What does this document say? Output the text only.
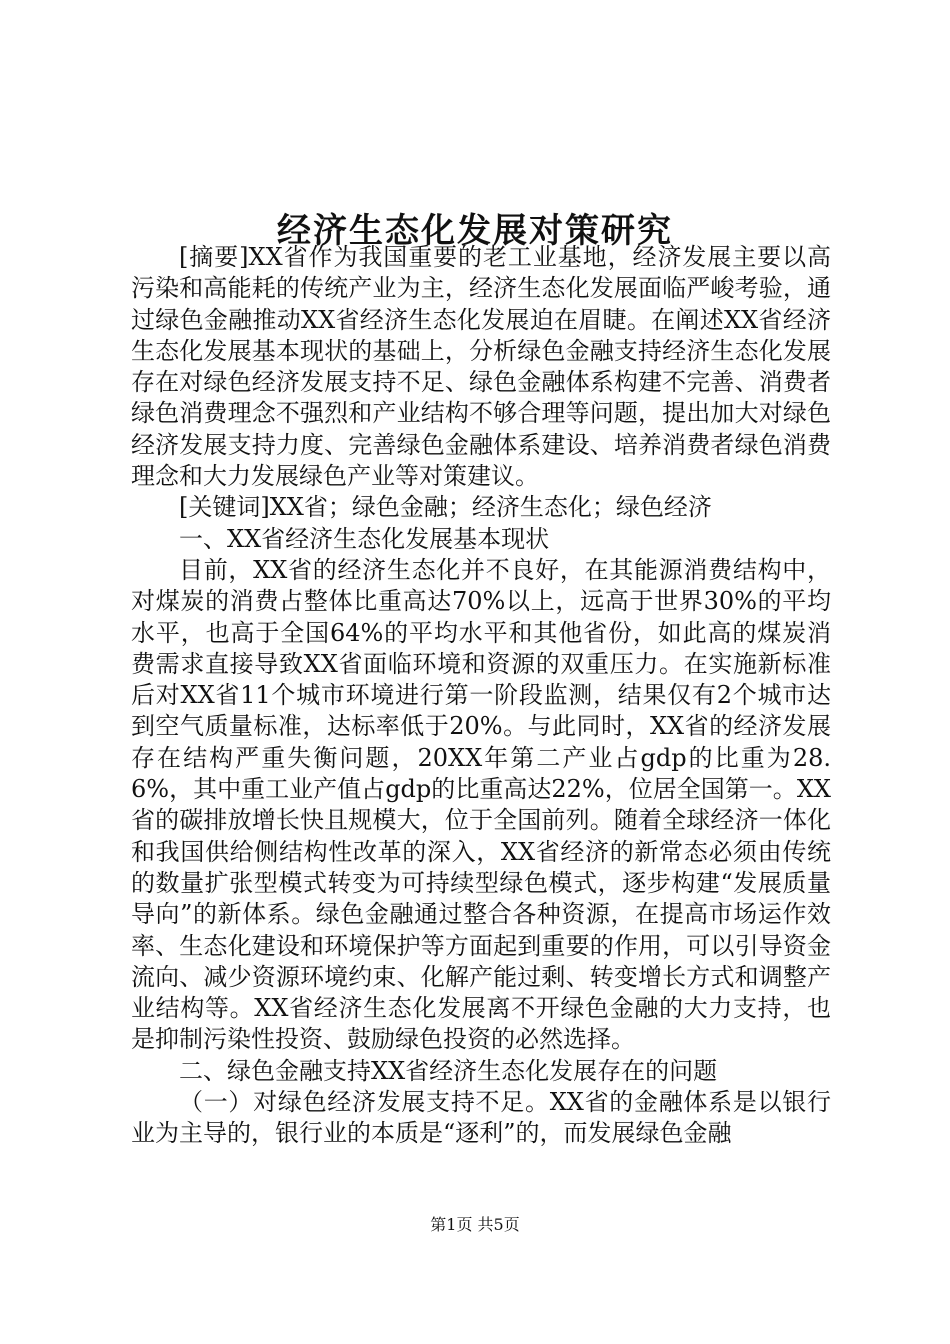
经济生态化发展对策研究

[摘要]XX省作为我国重要的老工业基地，经济发展主要以高污染和高能耗的传统产业为主，经济生态化发展面临严峻考验，通过绿色金融推动XX省经济生态化发展迫在眉睫。在阐述XX省经济生态化发展基本现状的基础上，分析绿色金融支持经济生态化发展存在对绿色经济发展支持不足、绿色金融体系构建不完善、消费者绿色消费理念不强烈和产业结构不够合理等问题，提出加大对绿色经济发展支持力度、完善绿色金融体系建设、培养消费者绿色消费理念和大力发展绿色产业等对策建议。

[关键词]XX省；绿色金融；经济生态化；绿色经济

一、XX省经济生态化发展基本现状

目前，XX省的经济生态化并不良好，在其能源消费结构中，对煤炭的消费占整体比重高达70%以上，远高于世界30%的平均水平，也高于全国64%的平均水平和其他省份，如此高的煤炭消费需求直接导致XX省面临环境和资源的双重压力。在实施新标准后对XX省11个城市环境进行第一阶段监测，结果仅有2个城市达到空气质量标准，达标率低于20%。与此同时，XX省的经济发展存在结构严重失衡问题，20XX年第二产业占gdp的比重为28.6%，其中重工业产值占gdp的比重高达22%，位居全国第一。XX省的碳排放增长快且规模大，位于全国前列。随着全球经济一体化和我国供给侧结构性改革的深入，XX省经济的新常态必须由传统的数量扩张型模式转变为可持续型绿色模式，逐步构建“发展质量导向”的新体系。绿色金融通过整合各种资源，在提高市场运作效率、生态化建设和环境保护等方面起到重要的作用，可以引导资金流向、减少资源环境约束、化解产能过剩、转变增长方式和调整产业结构等。XX省经济生态化发展离不开绿色金融的大力支持，也是抑制污染性投资、鼓励绿色投资的必然选择。

二、绿色金融支持XX省经济生态化发展存在的问题

（一）对绿色经济发展支持不足。XX省的金融体系是以银行业为主导的，银行业的本质是“逐利”的，而发展绿色金融

第1页 共5页
